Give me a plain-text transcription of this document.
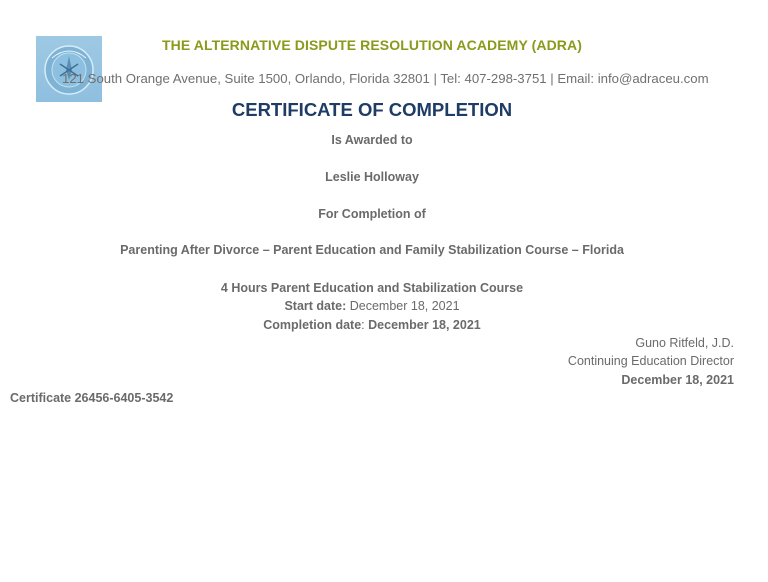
THE ALTERNATIVE DISPUTE RESOLUTION ACADEMY (ADRA)
121 South Orange Avenue, Suite 1500, Orlando, Florida 32801 | Tel: 407-298-3751 | Email: info@adraceu.com
CERTIFICATE OF COMPLETION
Is Awarded to
Leslie Holloway
For Completion of
Parenting After Divorce – Parent Education and Family Stabilization Course – Florida
4 Hours Parent Education and Stabilization Course
Start date: December 18, 2021
Completion date: December 18, 2021
Guno Ritfeld, J.D.
Continuing Education Director
December 18, 2021
Certificate 26456-6405-3542
